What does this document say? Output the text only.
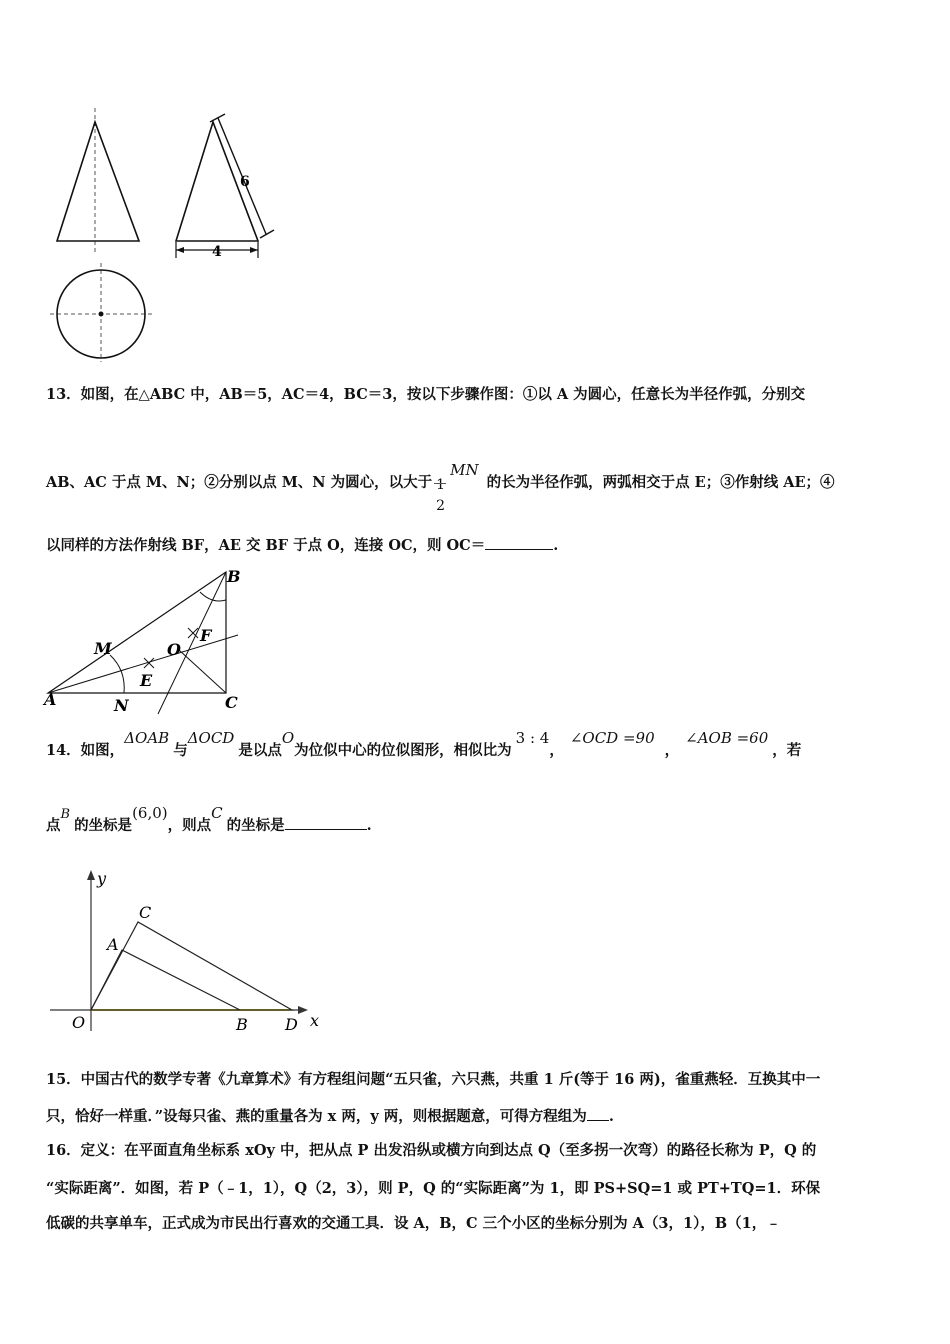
6
4
13．如图，在△ABC 中，AB＝5，AC＝4，BC＝3，按以下步骤作图：①以 A 为圆心，任意长为半径作弧，分别交
AB、AC 于点 M、N；②分别以点 M、N 为圆心，以大于 1
2
MN的长为半径作弧，两弧相交于点 E；③作射线 AE；④
以同样的方法作射线 BF，AE 交 BF 于点 O，连接 OC，则 OC＝	.
A
B
C
M
N
O
E
F
14．如图，ΔOAB与ΔOCD是以点O为位似中心的位似图形，相似比为3 : 4，∠OCD =90，∠AOB =60，若
点B的坐标是(6,0)，则点C的坐标是	.
y
x
O
A
B
C
D
15．中国古代的数学专著《九章算术》有方程组问题“五只雀，六只燕，共重 1 斤(等于 16 两)，雀重燕轻．互换其中一
只，恰好一样重．”设每只雀、燕的重量各为 x 两，y 两，则根据题意，可得方程组为 .
16．定义：在平面直角坐标系 xOy 中，把从点 P 出发沿纵或横方向到达点 Q（至多拐一次弯）的路径长称为 P，Q 的
“实际距离”．如图，若 P（﹣1，1），Q（2，3），则 P，Q 的“实际距离”为 1，即 PS+SQ=1 或 PT+TQ=1．环保
低碳的共享单车，正式成为市民出行喜欢的交通工具．设 A，B，C 三个小区的坐标分别为 A（3，1），B（1，﹣
